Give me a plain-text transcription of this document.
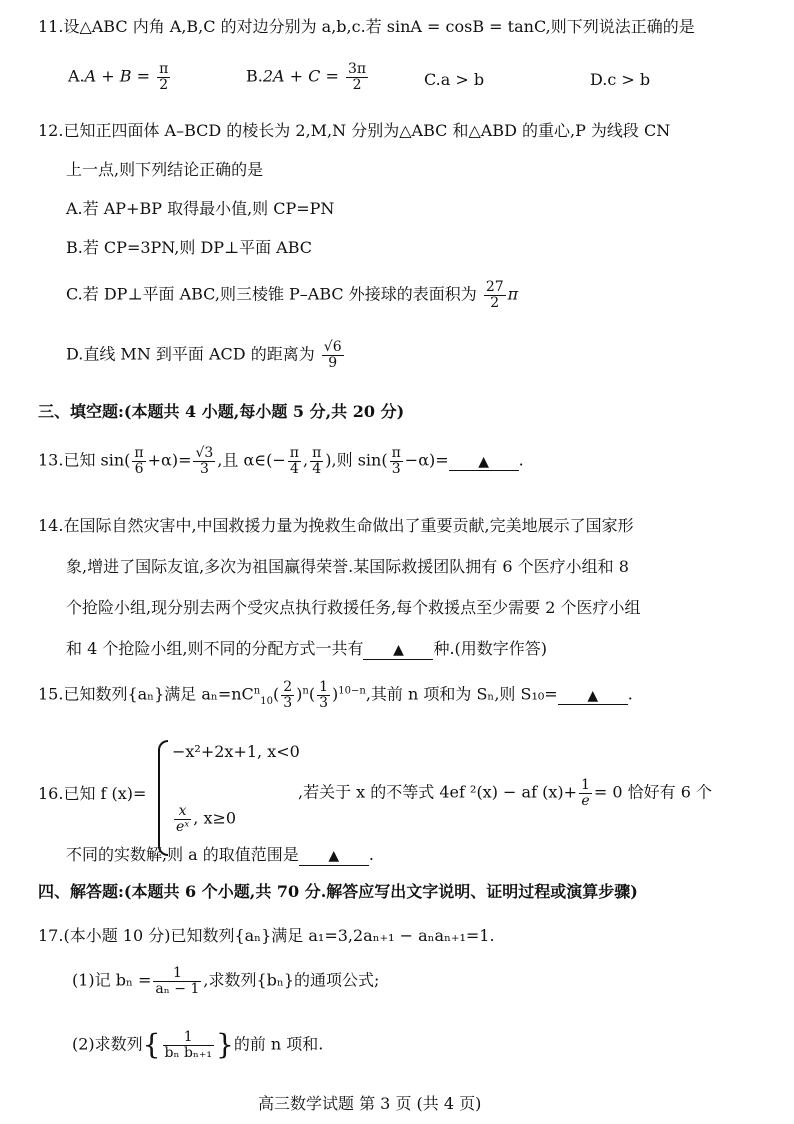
11.设△ABC 内角 A,B,C 的对边分别为 a,b,c.若 sinA = cosB = tanC,则下列说法正确的是
$A.A + B = \frac{\pi}{2}$	$B.2A + C = \frac{3\pi}{2}$	C.a > b	D.c > b
12.已知正四面体 A–BCD 的棱长为 2,M,N 分别为△ABC 和△ABD 的重心,P 为线段 CN
上一点,则下列结论正确的是
A.若 AP+BP 取得最小值,则 CP=PN
B.若 CP=3PN,则 DP⊥平面 ABC
C.若 DP⊥平面 ABC,则三棱锥 P–ABC 外接球的表面积为 $\frac{27}{2}$ π
D.直线 MN 到平面 ACD 的距离为 $\frac{√6}{9}$
三、填空题:(本题共 4 小题,每小题 5 分,共 20 分)
13.已知 $\sin( \frac{\pi}{6} +\alpha)= \frac{√3}{3}$ ,且 α∈(− $\frac{\pi}{4}$ , $\frac{\pi}{4}$ ),则 $\sin( \frac{\pi}{3} -\alpha)=$ ▲ .
14.在国际自然灾害中,中国救援力量为挽救生命做出了重要贡献,完美地展示了国家形
象,增进了国际友谊,多次为祖国赢得荣誉.某国际救援团队拥有 6 个医疗小组和 8
个抢险小组,现分别去两个受灾点执行救援任务,每个救援点至少需要 2 个医疗小组
和 4 个抢险小组,则不同的分配方式一共有 ▲ 种.(用数字作答)
15.已知数列{aₙ}满足 $a_n=nC^n_{10}( \frac{2}{3} )^n( \frac{1}{3} )^{10-n}$,其前 n 项和为 Sₙ,则 S₁₀= ▲ .
16.已知 f (x)=
−x²+2x+1, x<0
$\frac{x}{\text{eˣ}}$ , x≥0
,若关于 x 的不等式 4ef ²(x) − af $(x)+ \frac{1}{e} = 0$ 恰好有 6 个
不同的实数解,则 a 的取值范围是 ▲ .
四、解答题:(本题共 6 个小题,共 70 分.解答应写出文字说明、证明过程或演算步骤)
17.(本小题 10 分)已知数列{aₙ}满足 a₁=3,2aₙ₊₁ − aₙaₙ₊₁=1.
(1)记 $b_n = \frac{1}{\text{aₙ − 1}}$ ,求数列{bₙ}的通项公式;
(2)求数列{ $\frac{1}{\text{bₙ bₙ₊₁}}$ }的前 n 项和.
高三数学试题 第 3 页 (共 4 页)
